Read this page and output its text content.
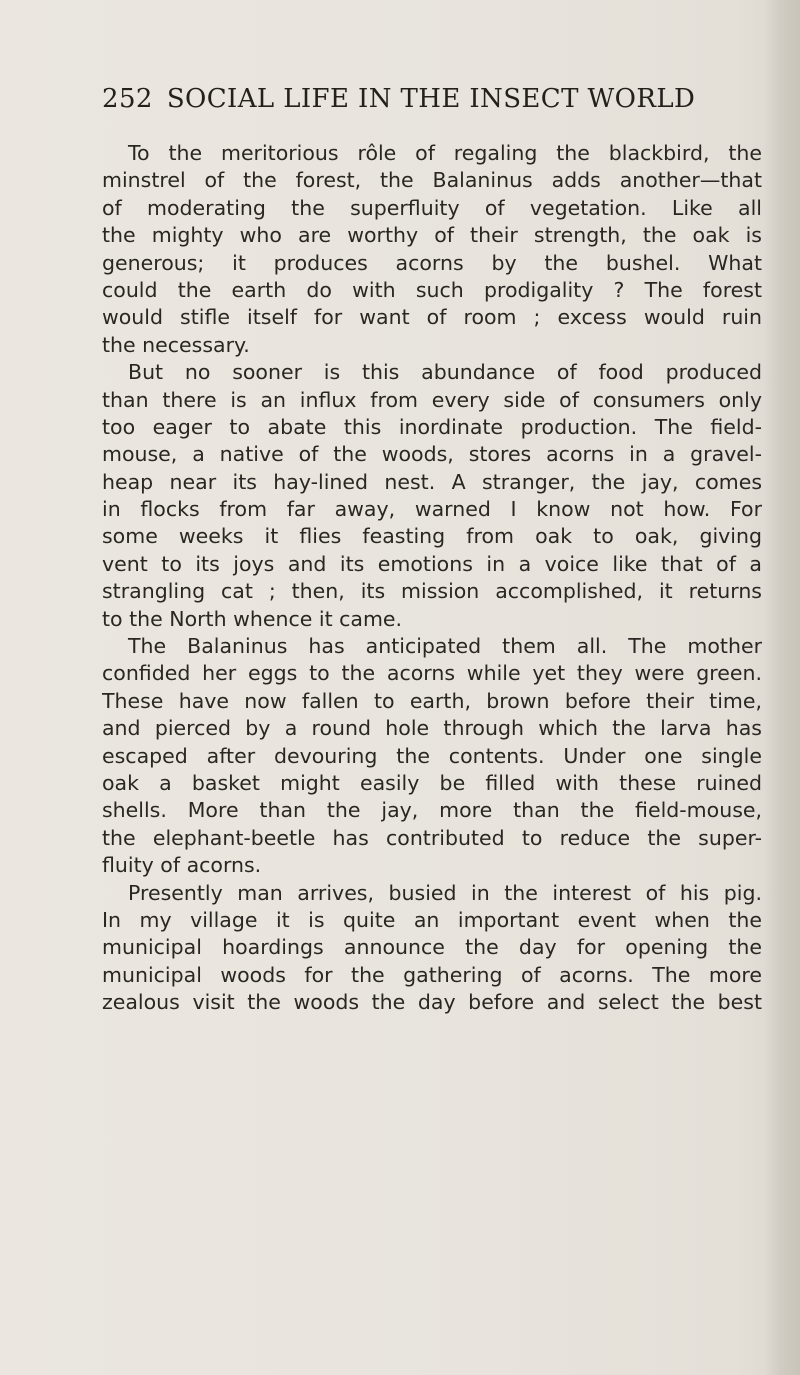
252 SOCIAL LIFE IN THE INSECT WORLD
To the meritorious rôle of regaling the blackbird, the
minstrel of the forest, the Balaninus adds another—that
of moderating the superfluity of vegetation. Like all
the mighty who are worthy of their strength, the oak is
generous; it produces acorns by the bushel. What
could the earth do with such prodigality ? The forest
would stifle itself for want of room ; excess would ruin
the necessary.
But no sooner is this abundance of food produced
than there is an influx from every side of consumers only
too eager to abate this inordinate production. The field-
mouse, a native of the woods, stores acorns in a gravel-
heap near its hay-lined nest. A stranger, the jay, comes
in flocks from far away, warned I know not how. For
some weeks it flies feasting from oak to oak, giving
vent to its joys and its emotions in a voice like that of a
strangling cat ; then, its mission accomplished, it returns
to the North whence it came.
The Balaninus has anticipated them all. The mother
confided her eggs to the acorns while yet they were green.
These have now fallen to earth, brown before their time,
and pierced by a round hole through which the larva has
escaped after devouring the contents. Under one single
oak a basket might easily be filled with these ruined
shells. More than the jay, more than the field-mouse,
the elephant-beetle has contributed to reduce the super-
fluity of acorns.
Presently man arrives, busied in the interest of his pig.
In my village it is quite an important event when the
municipal hoardings announce the day for opening the
municipal woods for the gathering of acorns. The more
zealous visit the woods the day before and select the best
